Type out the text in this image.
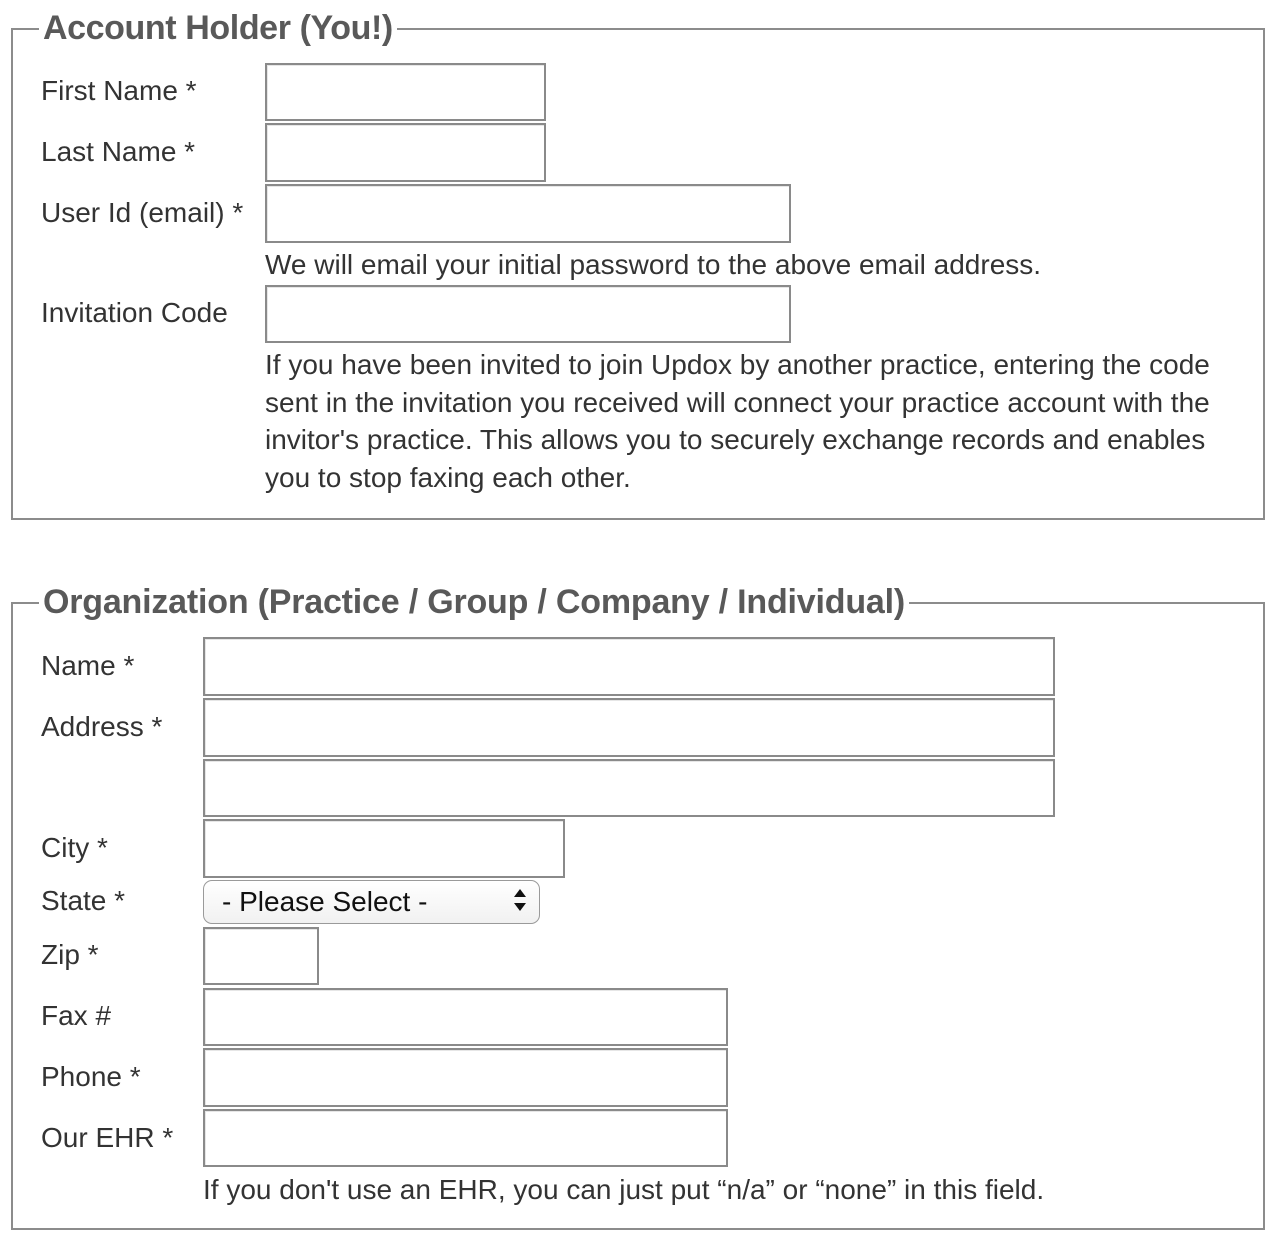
Account Holder (You!)
First Name *
Last Name *
User Id (email) *
We will email your initial password to the above email address.
Invitation Code
If you have been invited to join Updox by another practice, entering the code sent in the invitation you received will connect your practice account with the invitor's practice. This allows you to securely exchange records and enables you to stop faxing each other.
Organization (Practice / Group / Company / Individual)
Name *
Address *
City *
State *	- Please Select -
Zip *
Fax #
Phone *
Our EHR *
If you don't use an EHR, you can just put “n/a” or “none” in this field.
